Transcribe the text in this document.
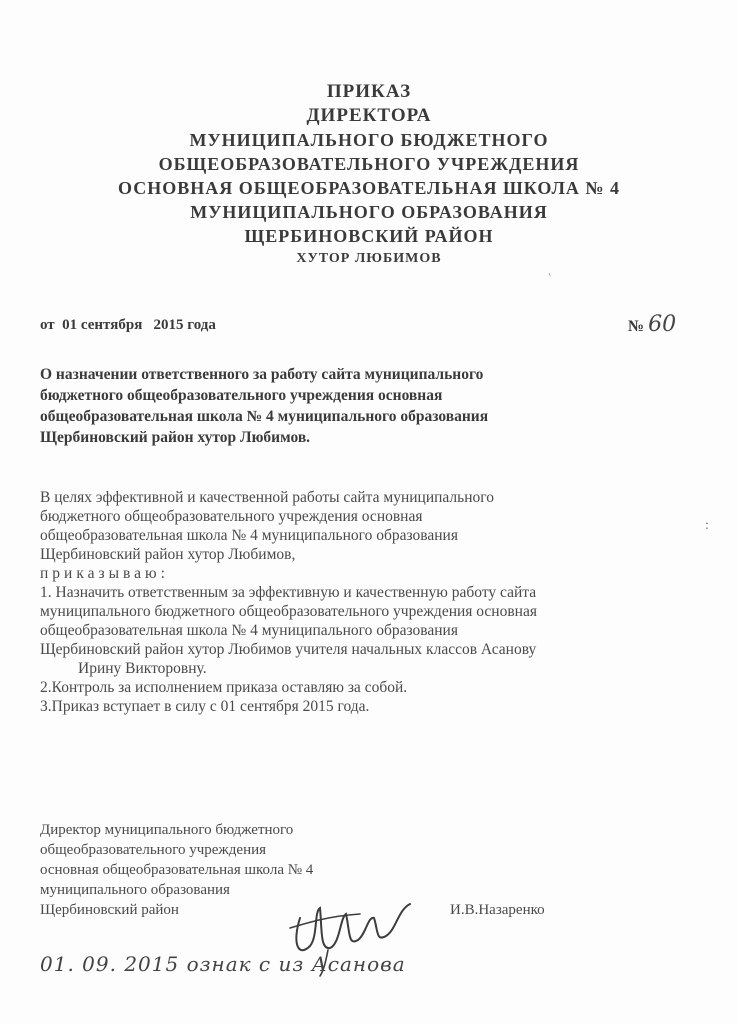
ПРИКАЗ
ДИРЕКТОРА
МУНИЦИПАЛЬНОГО БЮДЖЕТНОГО
ОБЩЕОБРАЗОВАТЕЛЬНОГО УЧРЕЖДЕНИЯ
ОСНОВНАЯ ОБЩЕОБРАЗОВАТЕЛЬНАЯ ШКОЛА № 4
МУНИЦИПАЛЬНОГО ОБРАЗОВАНИЯ
ЩЕРБИНОВСКИЙ РАЙОН
ХУТОР ЛЮБИМОВ
˛
от  01 сентября   2015 года	№ 60
О назначении ответственного за работу сайта муниципального
бюджетного общеобразовательного учреждения основная
общеобразовательная школа № 4 муниципального образования
Щербиновский район хутор Любимов.
В целях эффективной и качественной работы сайта муниципального
бюджетного общеобразовательного учреждения основная
общеобразовательная школа № 4 муниципального образования
Щербиновский район хутор Любимов,
приказываю:
1. Назначить ответственным за эффективную и качественную работу сайта
муниципального бюджетного общеобразовательного учреждения основная
общеобразовательная школа № 4 муниципального образования
Щербиновский район хутор Любимов учителя начальных классов Асанову
Ирину Викторовну.
2.Контроль за исполнением приказа оставляю за собой.
3.Приказ вступает в силу с 01 сентября 2015 года.
:
Директор муниципального бюджетного
общеобразовательного учреждения
основная общеобразовательная школа № 4
муниципального образования
Щербиновский район	И.В.Назаренко
01. 09. 2015 ознак с из Асанова
